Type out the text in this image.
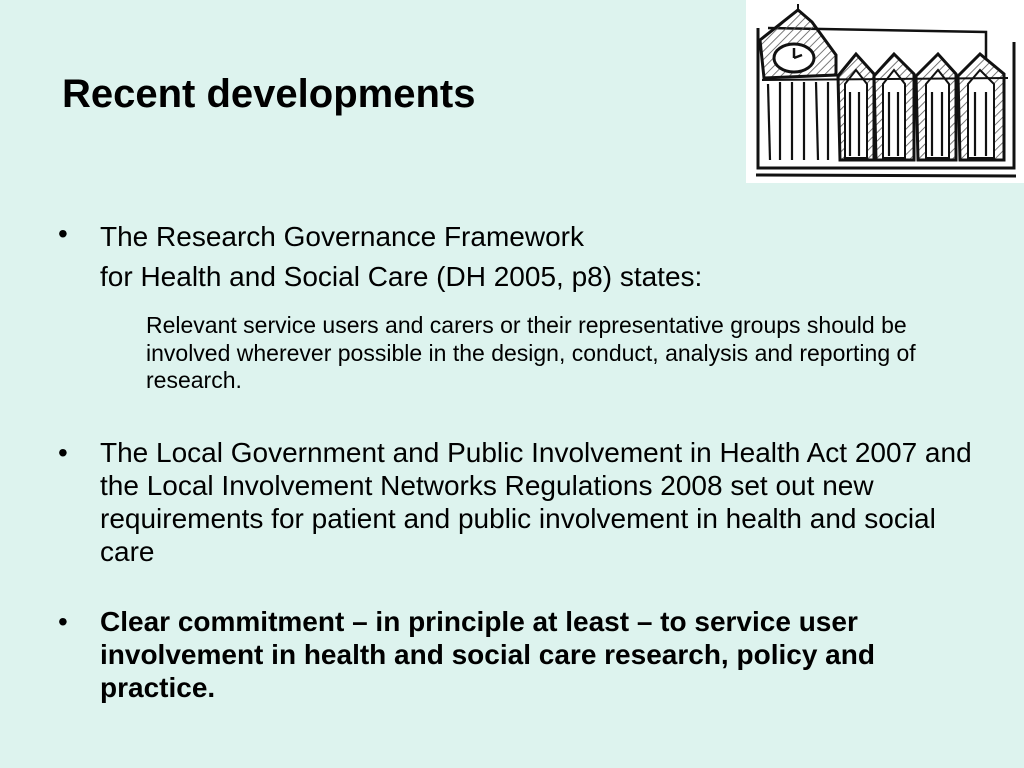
Recent developments
•	The Research Governance Framework
for Health and Social Care (DH 2005, p8) states:

Relevant service users and carers or their representative groups should be involved wherever possible in the design, conduct, analysis and reporting of research.

•	The Local Government and Public Involvement in Health Act 2007 and the Local Involvement Networks Regulations 2008 set out new requirements for patient and public involvement in health and social care
•	Clear commitment – in principle at least – to service user involvement in health and social care research, policy and practice.
